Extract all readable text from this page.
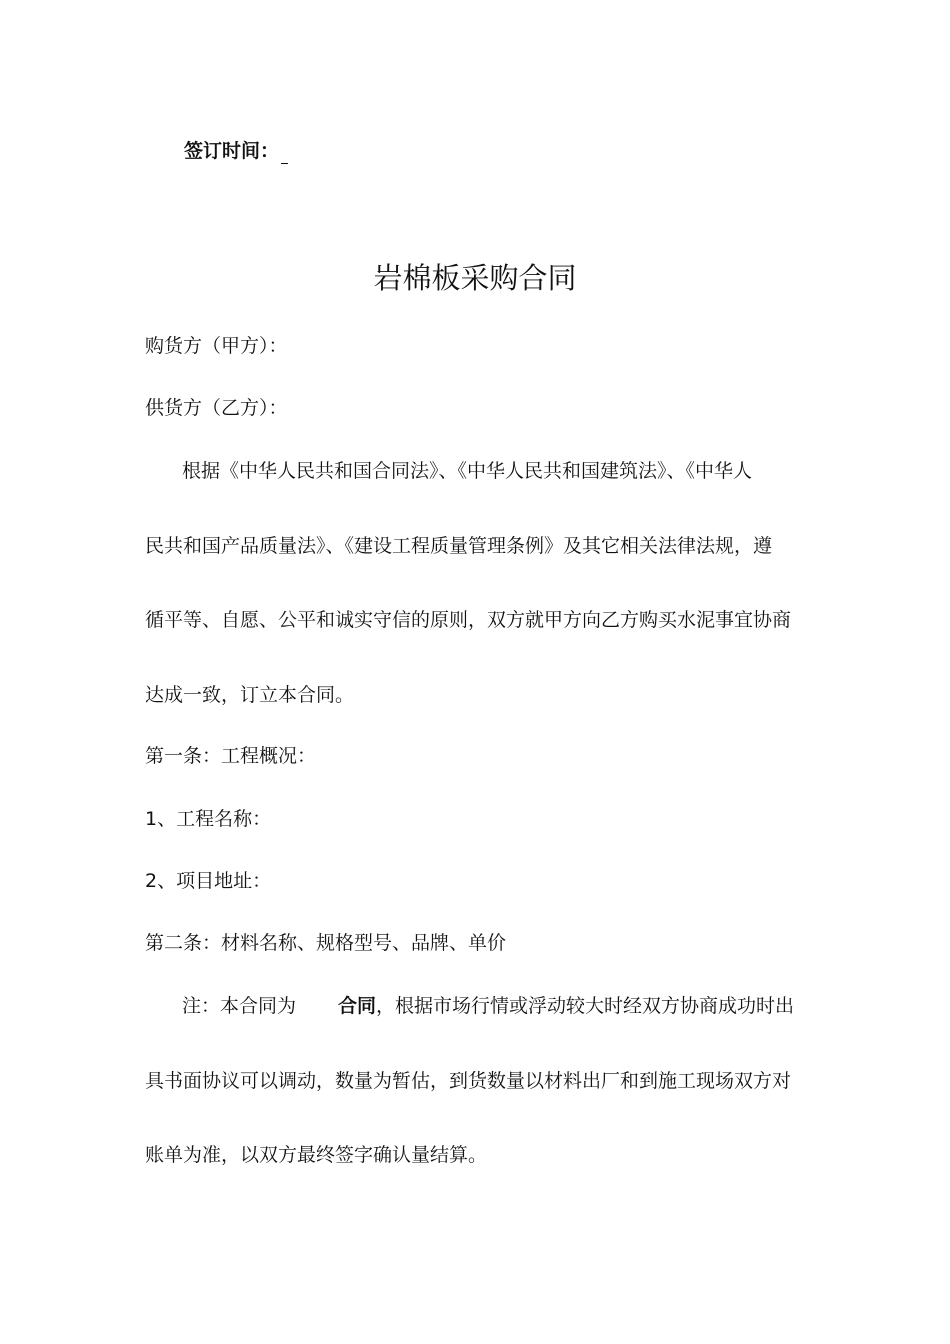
签订时间：
岩棉板采购合同
购货方（甲方）：
供货方（乙方）：
根据《中华人民共和国合同法》、《中华人民共和国建筑法》、《中华人
民共和国产品质量法》、《建设工程质量管理条例》及其它相关法律法规，遵
循平等、自愿、公平和诚实守信的原则，双方就甲方向乙方购买水泥事宜协商
达成一致，订立本合同。
第一条：工程概况：
1、工程名称：
2、项目地址：
第二条：材料名称、规格型号、品牌、单价
注：本合同为 合同，根据市场行情或浮动较大时经双方协商成功时出
具书面协议可以调动，数量为暂估，到货数量以材料出厂和到施工现场双方对
账单为准，以双方最终签字确认量结算。
